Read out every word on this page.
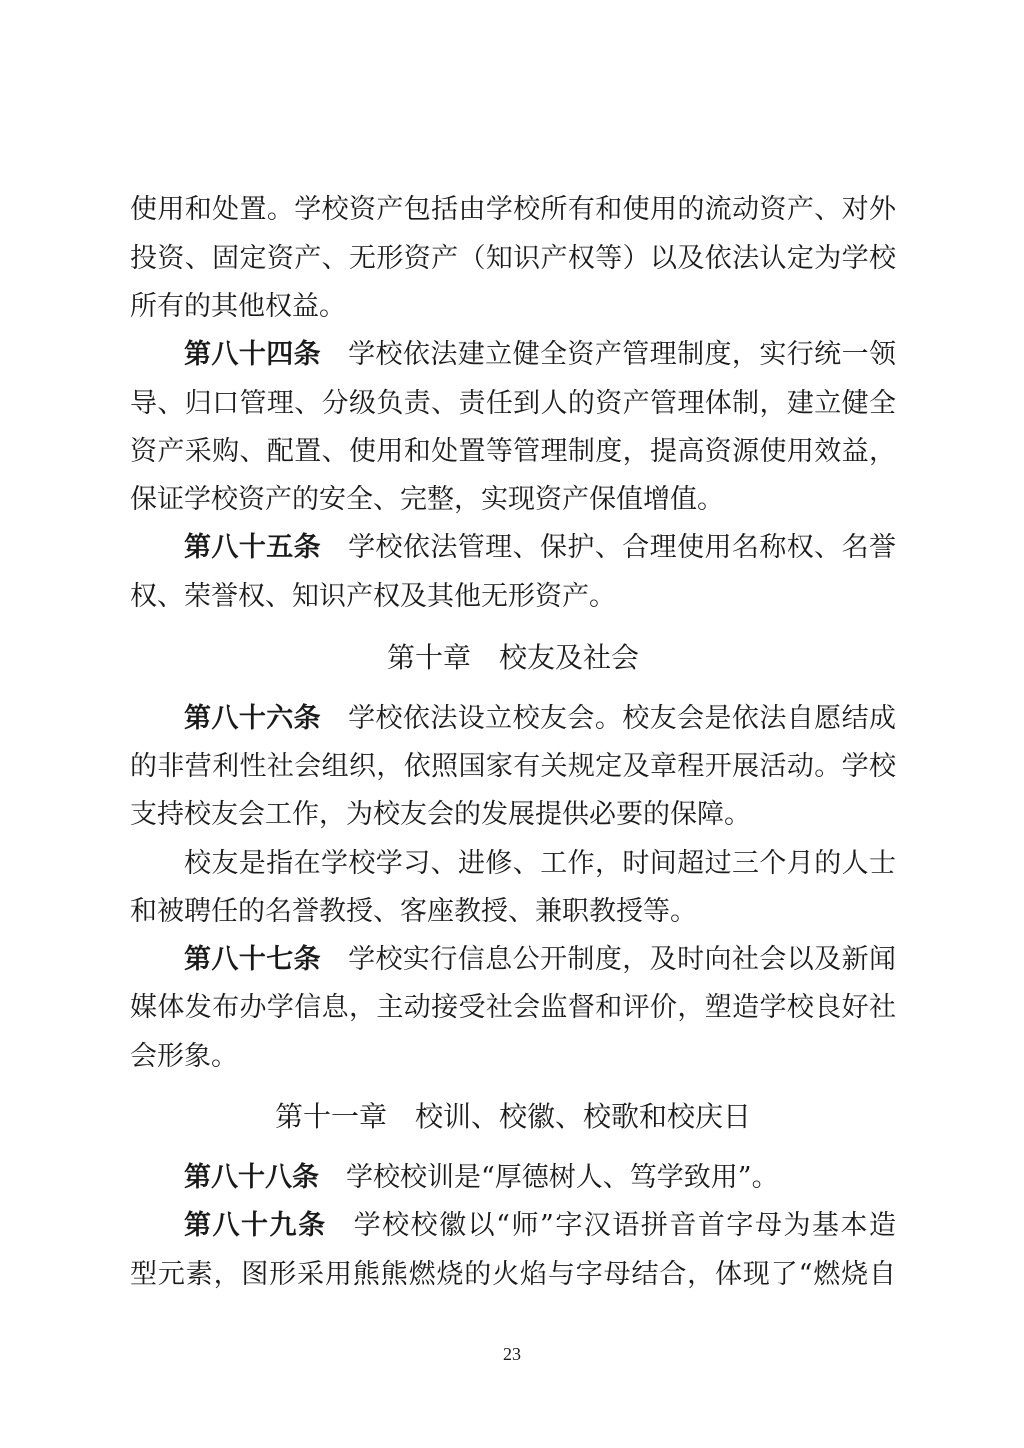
使用和处置。学校资产包括由学校所有和使用的流动资产、对外
投资、固定资产、无形资产（知识产权等）以及依法认定为学校
所有的其他权益。
第八十四条 学校依法建立健全资产管理制度，实行统一领
导、归口管理、分级负责、责任到人的资产管理体制，建立健全
资产采购、配置、使用和处置等管理制度，提高资源使用效益，
保证学校资产的安全、完整，实现资产保值增值。
第八十五条 学校依法管理、保护、合理使用名称权、名誉
权、荣誉权、知识产权及其他无形资产。
第十章 校友及社会
第八十六条 学校依法设立校友会。校友会是依法自愿结成
的非营利性社会组织，依照国家有关规定及章程开展活动。学校
支持校友会工作，为校友会的发展提供必要的保障。
校友是指在学校学习、进修、工作，时间超过三个月的人士
和被聘任的名誉教授、客座教授、兼职教授等。
第八十七条 学校实行信息公开制度，及时向社会以及新闻
媒体发布办学信息，主动接受社会监督和评价，塑造学校良好社
会形象。
第十一章 校训、校徽、校歌和校庆日
第八十八条 学校校训是“厚德树人、笃学致用”。
第八十九条 学校校徽以“师”字汉语拼音首字母为基本造
型元素，图形采用熊熊燃烧的火焰与字母结合，体现了“燃烧自
23
